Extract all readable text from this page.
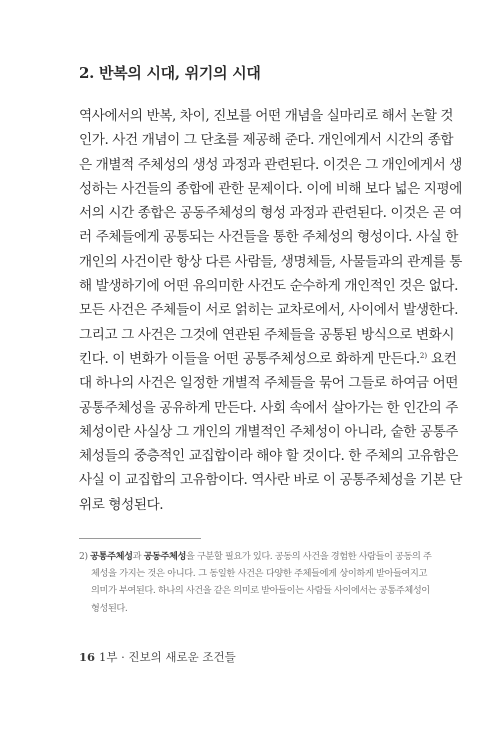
2. 반복의 시대, 위기의 시대
역사에서의 반복, 차이, 진보를 어떤 개념을 실마리로 해서 논할 것
인가. 사건 개념이 그 단초를 제공해 준다. 개인에게서 시간의 종합
은 개별적 주체성의 생성 과정과 관련된다. 이것은 그 개인에게서 생
성하는 사건들의 종합에 관한 문제이다. 이에 비해 보다 넓은 지평에
서의 시간 종합은 공동주체성의 형성 과정과 관련된다. 이것은 곧 여
러 주체들에게 공통되는 사건들을 통한 주체성의 형성이다. 사실 한
개인의 사건이란 항상 다른 사람들, 생명체들, 사물들과의 관계를 통
해 발생하기에 어떤 유의미한 사건도 순수하게 개인적인 것은 없다.
모든 사건은 주체들이 서로 얽히는 교차로에서, 사이에서 발생한다.
그리고 그 사건은 그것에 연관된 주체들을 공통된 방식으로 변화시
킨다. 이 변화가 이들을 어떤 공통주체성으로 화하게 만든다.$^{2)}$ 요컨
대 하나의 사건은 일정한 개별적 주체들을 묶어 그들로 하여금 어떤
공통주체성을 공유하게 만든다. 사회 속에서 살아가는 한 인간의 주
체성이란 사실상 그 개인의 개별적인 주체성이 아니라, 숱한 공통주
체성들의 중층적인 교집합이라 해야 할 것이다. 한 주체의 고유함은
사실 이 교집합의 고유함이다. 역사란 바로 이 공통주체성을 기본 단
위로 형성된다.
2) 공통주체성과 공동주체성을 구분할 필요가 있다. 공동의 사건을 경험한 사람들이 공동의 주
체성을 가지는 것은 아니다. 그 동일한 사건은 다양한 주체들에게 상이하게 받아들여지고
의미가 부여된다. 하나의 사건을 같은 의미로 받아들이는 사람들 사이에서는 공통주체성이
형성된다.
16 1부 · 진보의 새로운 조건들
